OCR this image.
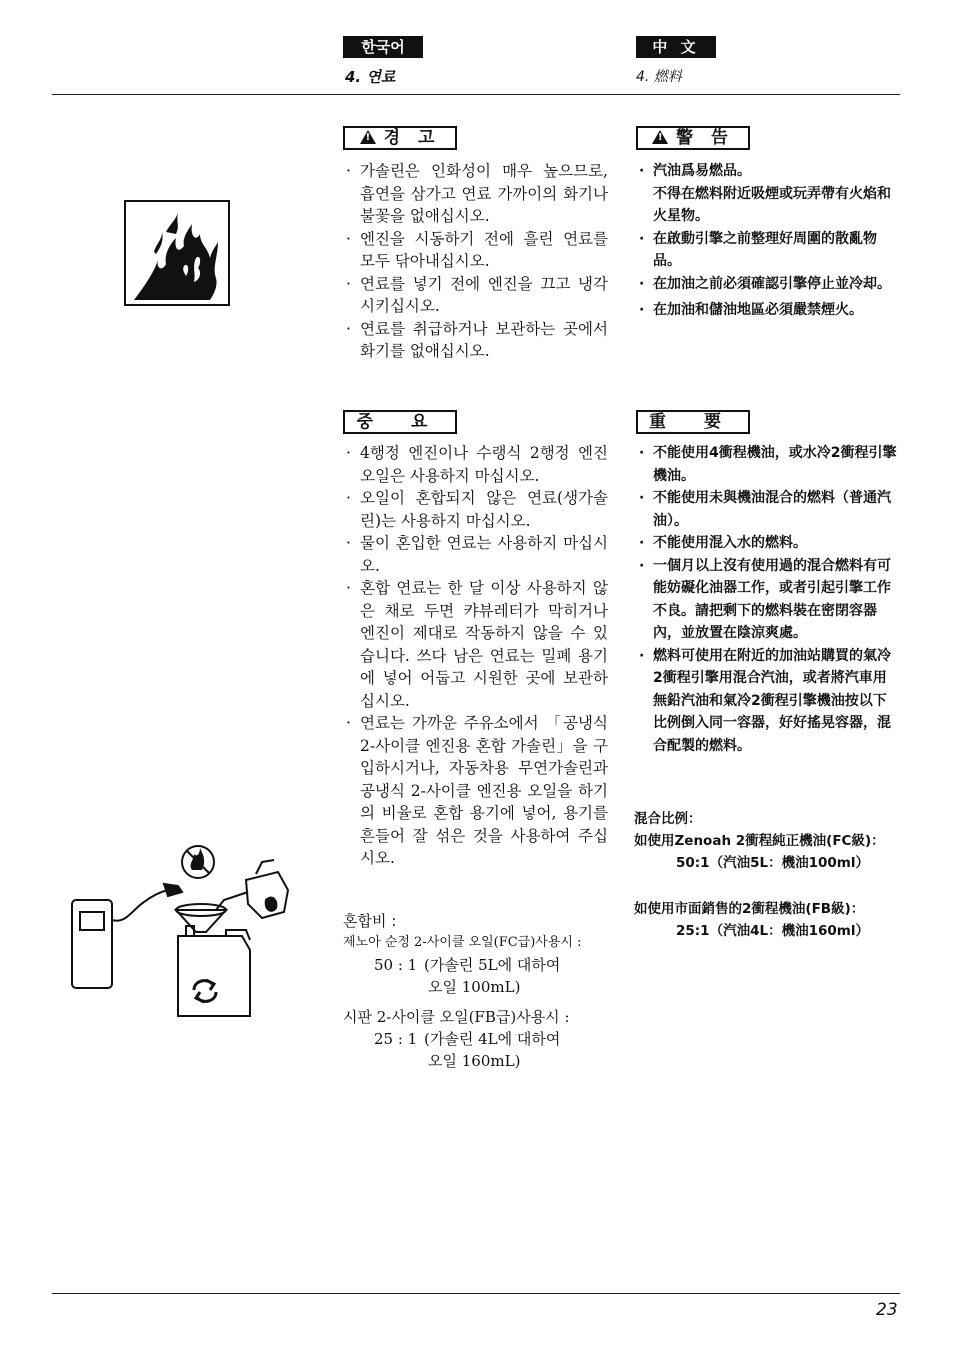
한국어	中 文
4. 연료	4. 燃料
!경 고
!	警 告
· 가솔린은 인화성이 매우 높으므로, 흡연을 삼가고 연료 가까이의 화기나 불꽃을 없애십시오.
· 엔진을 시동하기 전에 흘린 연료를 모두 닦아내십시오.
· 연료를 넣기 전에 엔진을 끄고 냉각시키십시오.
· 연료를 취급하거나 보관하는 곳에서 화기를 없애십시오.
· 汽油爲易燃品。
不得在燃料附近吸煙或玩弄帶有火焰和火星物。
· 在啟動引擎之前整理好周圍的散亂物品。
· 在加油之前必須確認引擎停止並冷却。
· 在加油和儲油地區必須嚴禁煙火。
중 요	重 要
· 4행정 엔진이나 수랭식 2행정 엔진 오일은 사용하지 마십시오.
· 오일이 혼합되지 않은 연료(생가솔린)는 사용하지 마십시오.
· 물이 혼입한 연료는 사용하지 마십시오.
· 혼합 연료는 한 달 이상 사용하지 않은 채로 두면 캬뷰레터가 막히거나 엔진이 제대로 작동하지 않을 수 있습니다. 쓰다 남은 연료는 밀폐 용기에 넣어 어둡고 시원한 곳에 보관하십시오.
· 연료는 가까운 주유소에서 「공냉식 2-사이클 엔진용 혼합 가솔린」을 구입하시거나, 자동차용 무연가솔린과 공냉식 2-사이클 엔진용 오일을 하기의 비율로 혼합 용기에 넣어, 용기를 흔들어 잘 섞은 것을 사용하여 주십시오.
· 不能使用4衝程機油，或水冷2衝程引擎機油。
· 不能使用未與機油混合的燃料（普通汽油）。
· 不能使用混入水的燃料。
· 一個月以上沒有使用過的混合燃料有可能妨礙化油器工作，或者引起引擎工作不良。請把剩下的燃料裝在密閉容器內，並放置在陰涼爽處。
· 燃料可使用在附近的加油站購買的氣冷2衝程引擎用混合汽油，或者將汽車用無鉛汽油和氣冷2衝程引擎機油按以下比例倒入同一容器，好好搖晃容器，混合配製的燃料。
혼합비 :
제노아 순정 2-사이클 오일(FC급)사용시 :
50 : 1 (가솔린 5L에 대하여
오일 100mL)
시판 2-사이클 오일(FB급)사용시 :
25 : 1 (가솔린 4L에 대하여
오일 160mL)
混合比例：
如使用Zenoah 2衝程純正機油(FC級)：
50:1（汽油5L：機油100ml）
如使用市面銷售的2衝程機油(FB級)：
25:1（汽油4L：機油160ml）
23
